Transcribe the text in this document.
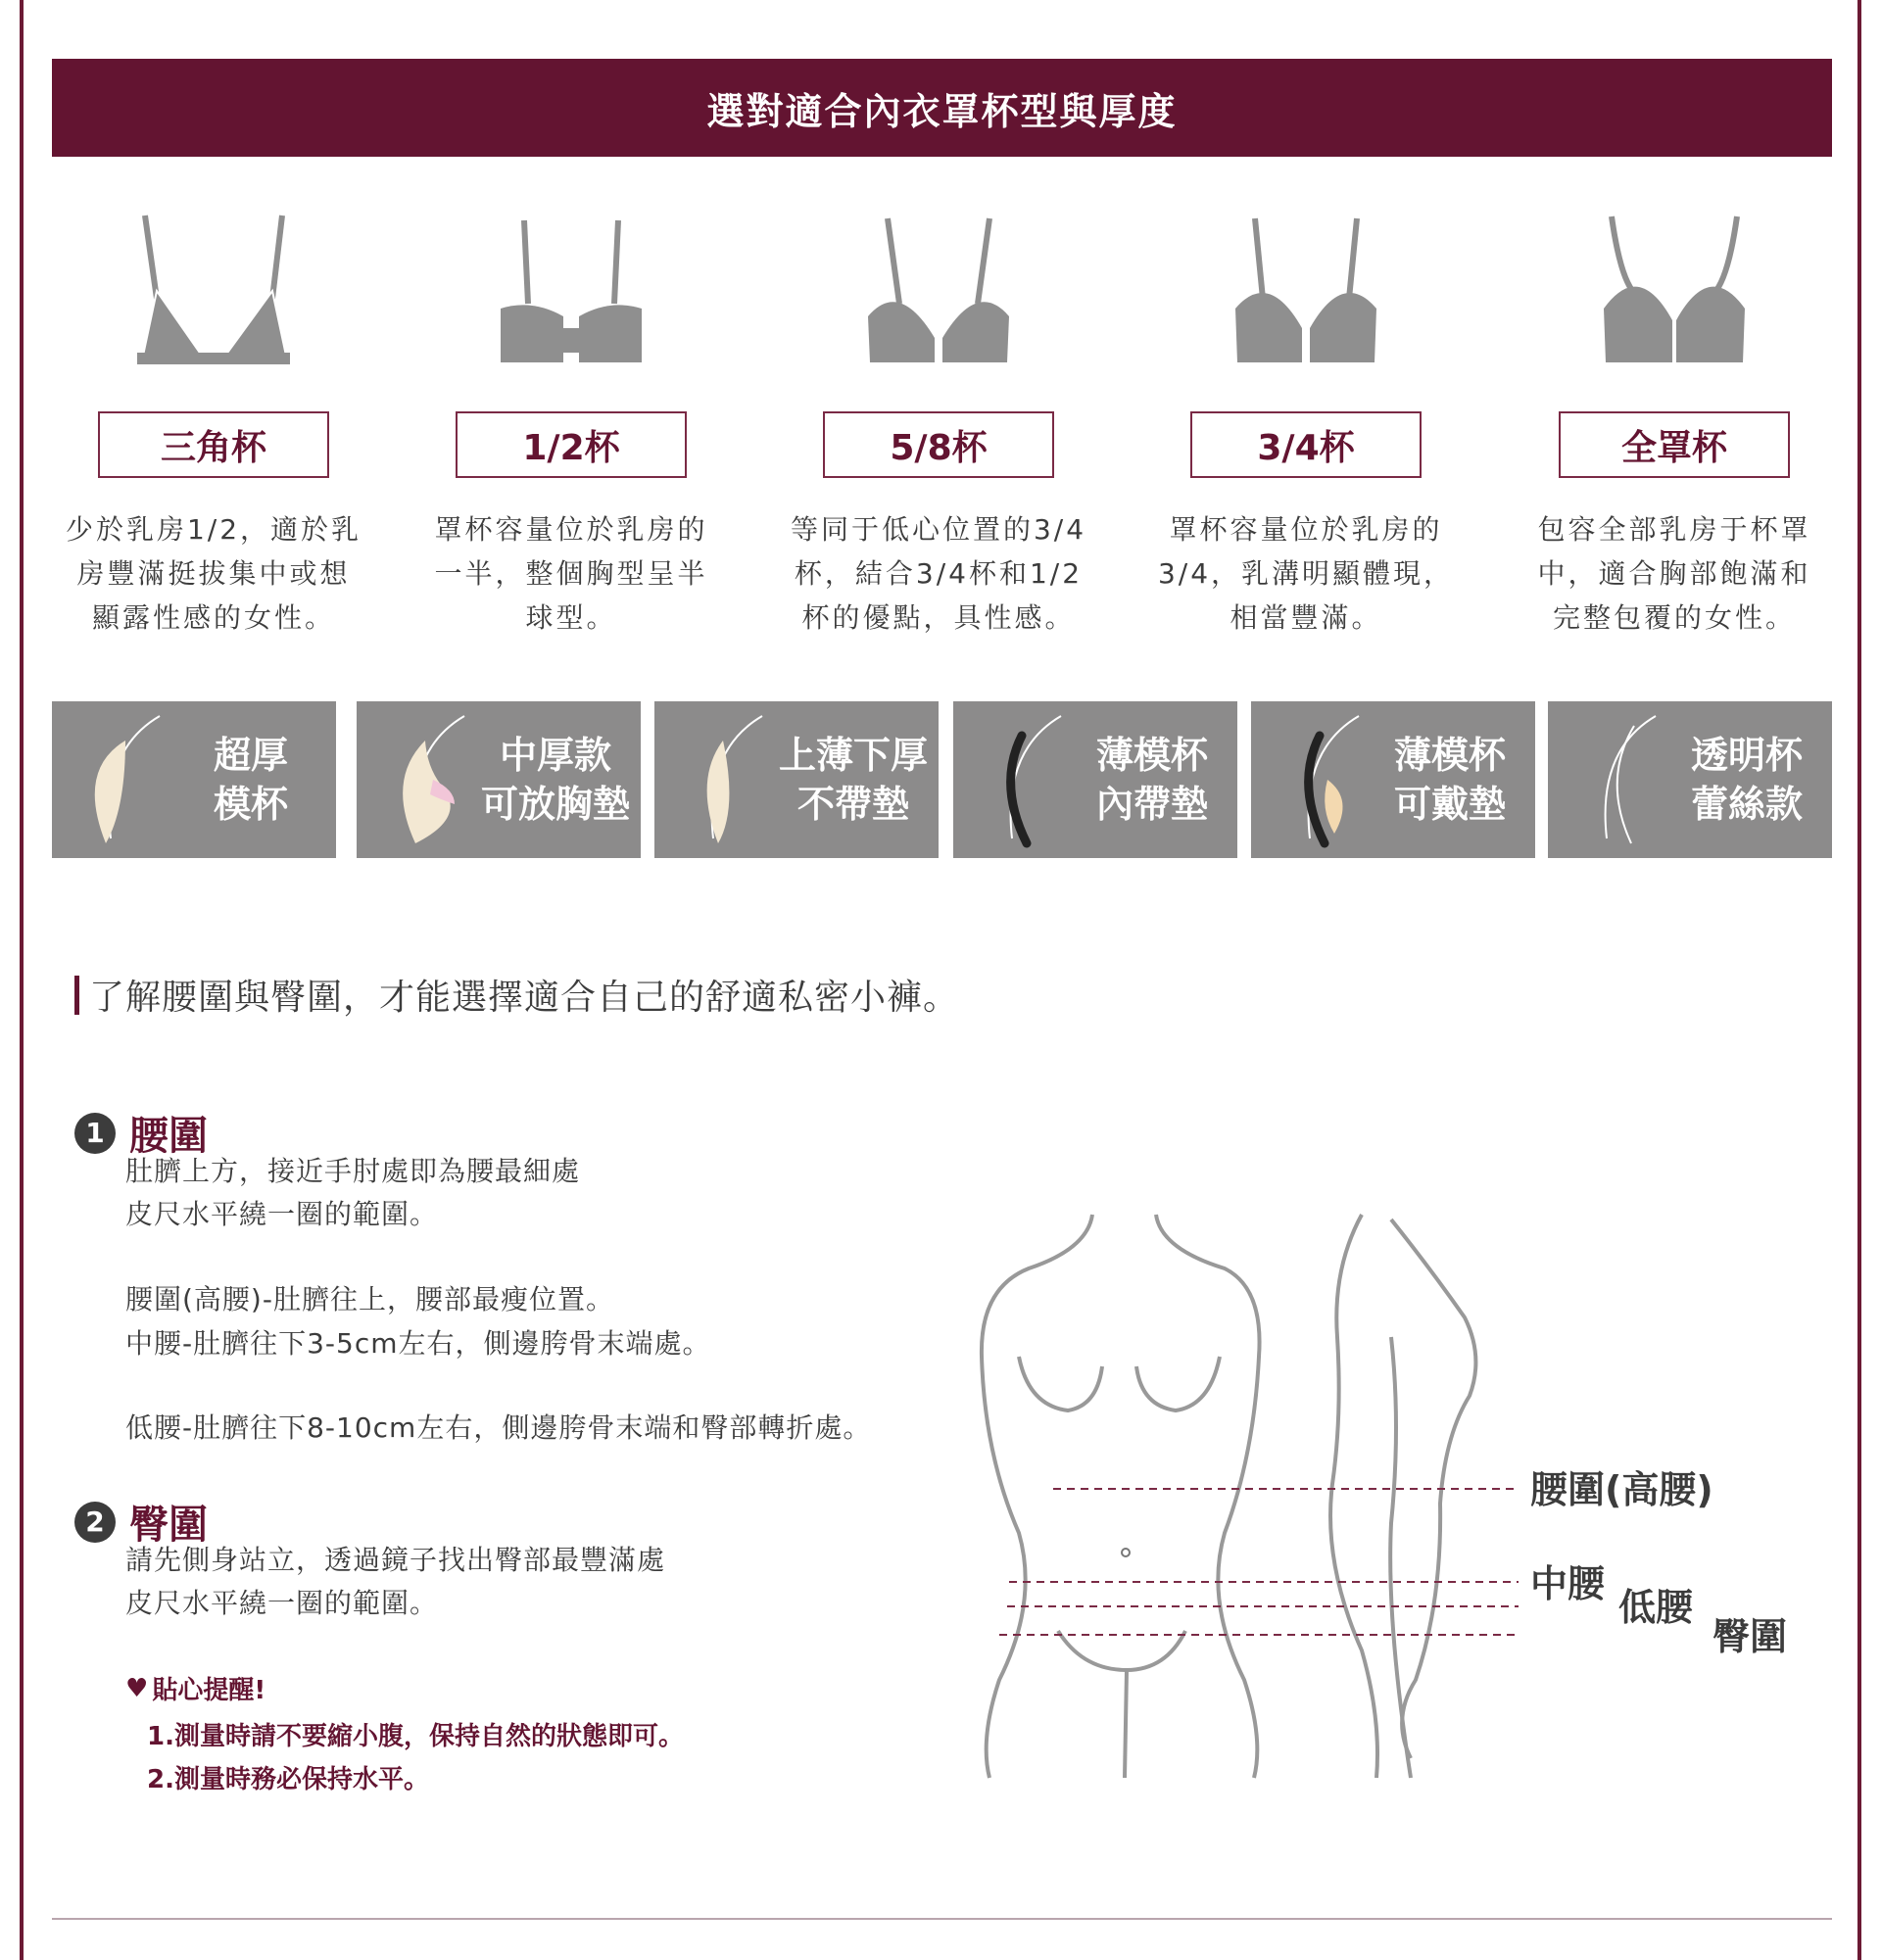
選對適合內衣罩杯型與厚度
三角杯
少於乳房1/2，適於乳
房豐滿挺拔集中或想
顯露性感的女性。
1/2杯
罩杯容量位於乳房的
一半，整個胸型呈半
球型。
5/8杯
等同于低心位置的3/4
杯，結合3/4杯和1/2
杯的優點，具性感。
3/4杯
罩杯容量位於乳房的
3/4，乳溝明顯體現，
相當豐滿。
全罩杯
包容全部乳房于杯罩
中，適合胸部飽滿和
完整包覆的女性。
超厚
模杯
中厚款
可放胸墊
上薄下厚
不帶墊
薄模杯
內帶墊
薄模杯
可戴墊
透明杯
蕾絲款
了解腰圍與臀圍，才能選擇適合自己的舒適私密小褲。
1 腰圍
肚臍上方，接近手肘處即為腰最細處
皮尺水平繞一圈的範圍。
腰圍(高腰)-肚臍往上，腰部最瘦位置。
中腰-肚臍往下3-5cm左右，側邊胯骨末端處。
低腰-肚臍往下8-10cm左右，側邊胯骨末端和臀部轉折處。
2 臀圍
請先側身站立，透過鏡子找出臀部最豐滿處
皮尺水平繞一圈的範圍。
♥ 貼心提醒!
1.測量時請不要縮小腹，保持自然的狀態即可。
2.測量時務必保持水平。
腰圍(高腰)
中腰
低腰
臀圍
